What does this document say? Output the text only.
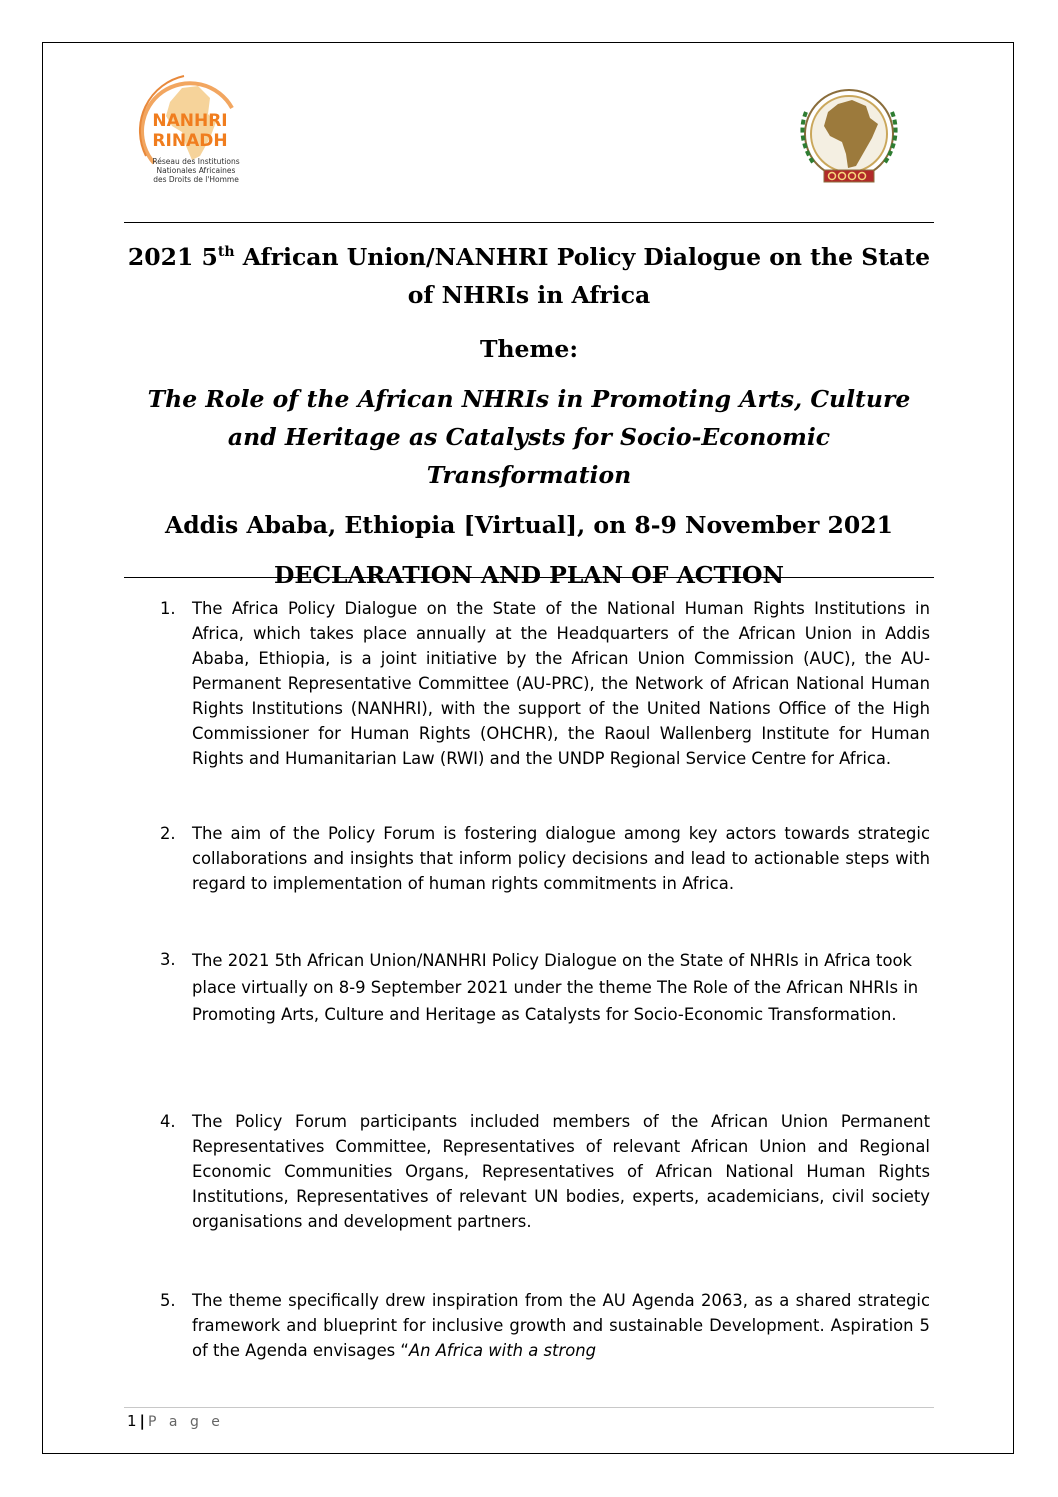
NANHRI
RINADH
Réseau des Institutions
Nationales Africaines
des Droits de l'Homme

2021 5th African Union/NANHRI Policy Dialogue on the State of NHRIs in Africa

Theme:
The Role of the African NHRIs in Promoting Arts, Culture and Heritage as Catalysts for Socio-Economic Transformation
Addis Ababa, Ethiopia [Virtual], on 8-9 November 2021
DECLARATION AND PLAN OF ACTION
1. The Africa Policy Dialogue on the State of the National Human Rights Institutions in Africa, which takes place annually at the Headquarters of the African Union in Addis Ababa, Ethiopia, is a joint initiative by the African Union Commission (AUC), the AU-Permanent Representative Committee (AU-PRC), the Network of African National Human Rights Institutions (NANHRI), with the support of the United Nations Office of the High Commissioner for Human Rights (OHCHR), the Raoul Wallenberg Institute for Human Rights and Humanitarian Law (RWI) and the UNDP Regional Service Centre for Africa.
2. The aim of the Policy Forum is fostering dialogue among key actors towards strategic collaborations and insights that inform policy decisions and lead to actionable steps with regard to implementation of human rights commitments in Africa.
3. The 2021 5th African Union/NANHRI Policy Dialogue on the State of NHRIs in Africa took place virtually on 8-9 September 2021 under the theme The Role of the African NHRIs in Promoting Arts, Culture and Heritage as Catalysts for Socio-Economic Transformation.
4. The Policy Forum participants included members of the African Union Permanent Representatives Committee, Representatives of relevant African Union and Regional Economic Communities Organs, Representatives of African National Human Rights Institutions, Representatives of relevant UN bodies, experts, academicians, civil society organisations and development partners.
5. The theme specifically drew inspiration from the AU Agenda 2063, as a shared strategic framework and blueprint for inclusive growth and sustainable Development. Aspiration 5 of the Agenda envisages “An Africa with a strong
1 | P a g e
